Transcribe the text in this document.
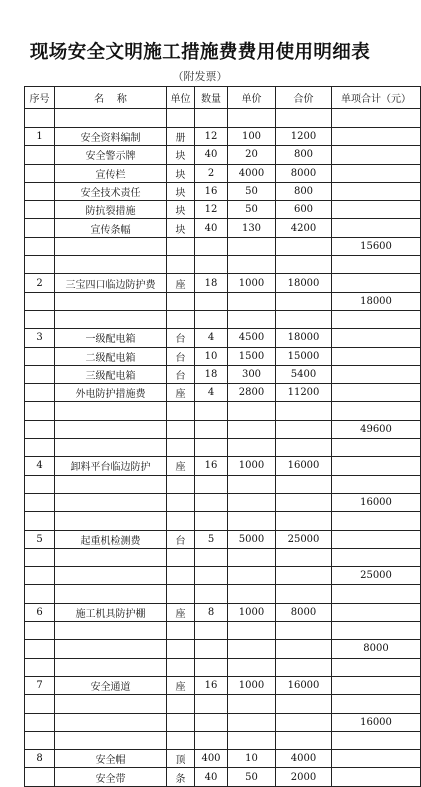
现场安全文明施工措施费费用使用明细表
（附发票）
序号	名    称	单位	数量	单价	合价	单项合计（元）

1	安全资料编制	册	12	100	1200	
	安全警示牌	块	40	20	800	
	宣传栏	块	2	4000	8000	
	安全技术责任	块	16	50	800	
	防抗裂措施	块	12	50	600	
	宣传条幅	块	40	130	4200	
						15600

2	三宝四口临边防护费	座	18	1000	18000	
						18000

3	一级配电箱	台	4	4500	18000	
	二级配电箱	台	10	1500	15000	
	三级配电箱	台	18	300	5400	
	外电防护措施费	座	4	2800	11200	

						49600

4	卸料平台临边防护	座	16	1000	16000	

						16000

5	起重机检测费	台	5	5000	25000	

						25000

6	施工机具防护棚	座	8	1000	8000	

						8000

7	安全通道	座	16	1000	16000	

						16000

8	安全帽	顶	400	10	4000	
	安全带	条	40	50	2000	
